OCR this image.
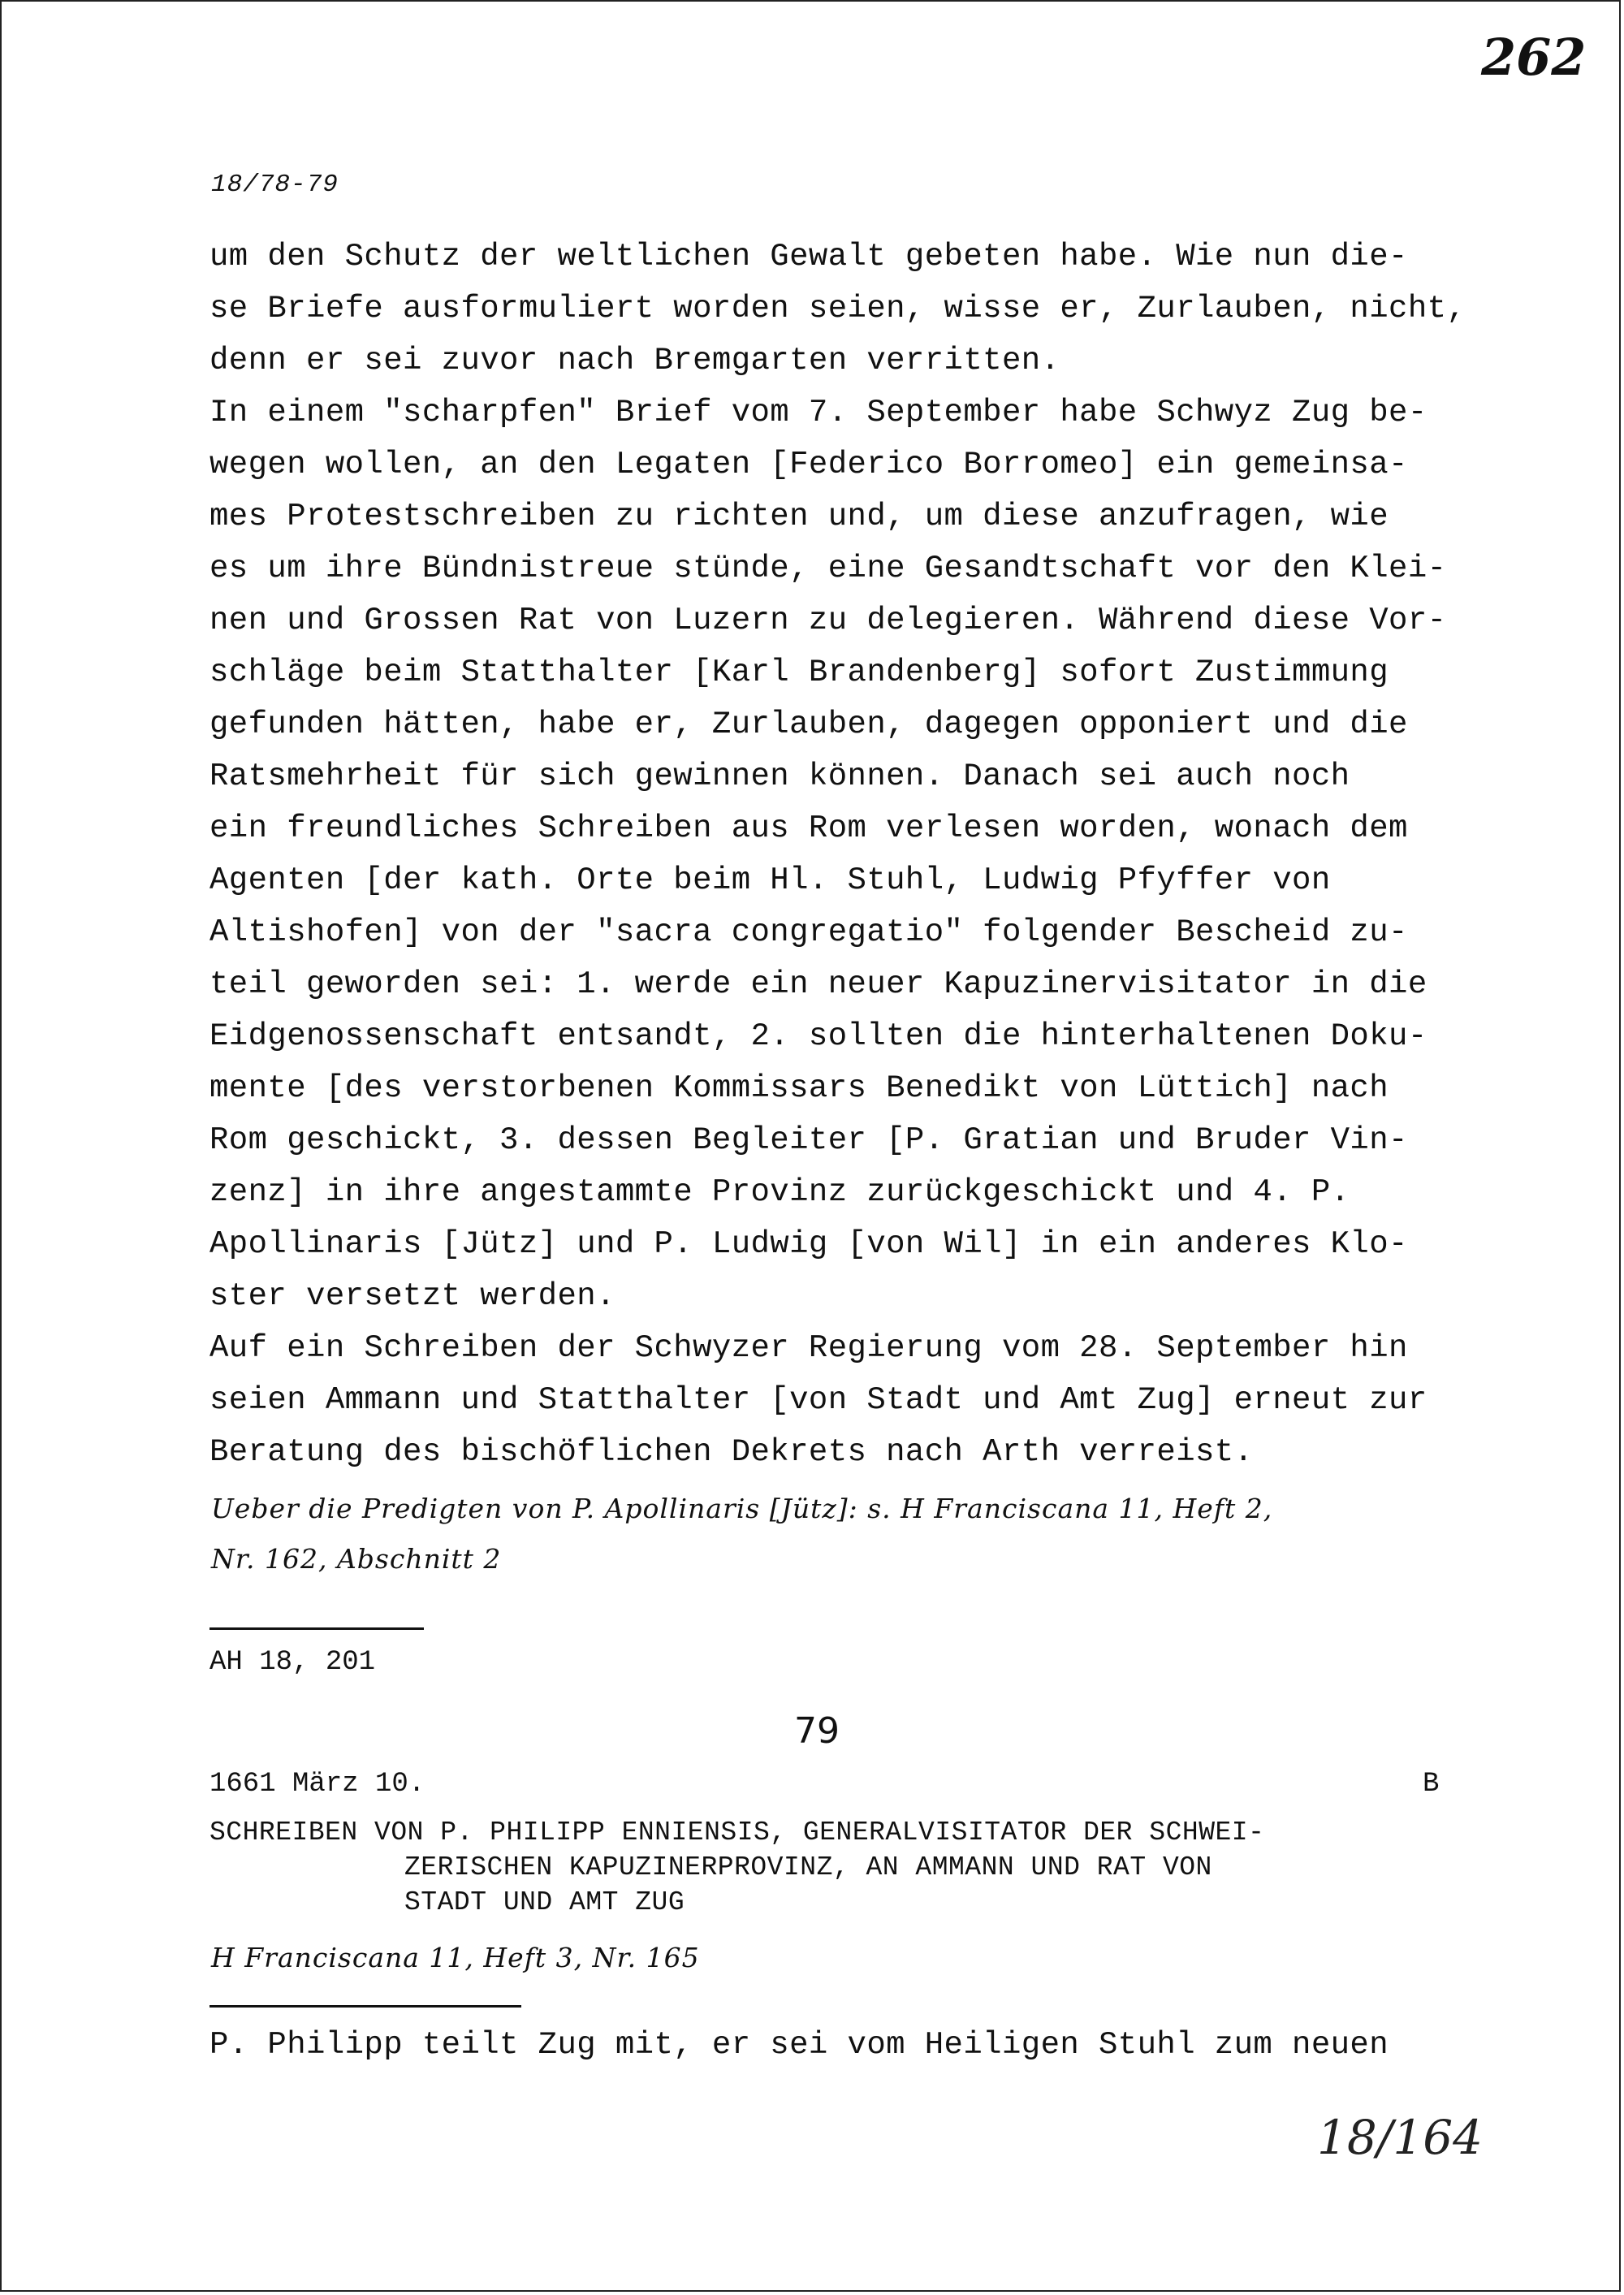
262
18/78-79
um den Schutz der weltlichen Gewalt gebeten habe. Wie nun die-
se Briefe ausformuliert worden seien, wisse er, Zurlauben, nicht,
denn er sei zuvor nach Bremgarten verritten.
In einem "scharpfen" Brief vom 7. September habe Schwyz Zug be-
wegen wollen, an den Legaten [Federico Borromeo] ein gemeinsa-
mes Protestschreiben zu richten und, um diese anzufragen, wie
es um ihre Bündnistreue stünde, eine Gesandtschaft vor den Klei-
nen und Grossen Rat von Luzern zu delegieren. Während diese Vor-
schläge beim Statthalter [Karl Brandenberg] sofort Zustimmung
gefunden hätten, habe er, Zurlauben, dagegen opponiert und die
Ratsmehrheit für sich gewinnen können. Danach sei auch noch
ein freundliches Schreiben aus Rom verlesen worden, wonach dem
Agenten [der kath. Orte beim Hl. Stuhl, Ludwig Pfyffer von
Altishofen] von der "sacra congregatio" folgender Bescheid zu-
teil geworden sei: 1. werde ein neuer Kapuzinervisitator in die
Eidgenossenschaft entsandt, 2. sollten die hinterhaltenen Doku-
mente [des verstorbenen Kommissars Benedikt von Lüttich] nach
Rom geschickt, 3. dessen Begleiter [P. Gratian und Bruder Vin-
zenz] in ihre angestammte Provinz zurückgeschickt und 4. P.
Apollinaris [Jütz] und P. Ludwig [von Wil] in ein anderes Klo-
ster versetzt werden.
Auf ein Schreiben der Schwyzer Regierung vom 28. September hin
seien Ammann und Statthalter [von Stadt und Amt Zug] erneut zur
Beratung des bischöflichen Dekrets nach Arth verreist.
Ueber die Predigten von P. Apollinaris [Jütz]: s. H Franciscana 11, Heft 2,
Nr. 162, Abschnitt 2
AH 18, 201
79
1661 März 10.	B
SCHREIBEN VON P. PHILIPP ENNIENSIS, GENERALVISITATOR DER SCHWEI-
ZERISCHEN KAPUZINERPROVINZ, AN AMMANN UND RAT VON
STADT UND AMT ZUG
H Franciscana 11, Heft 3, Nr. 165
P. Philipp teilt Zug mit, er sei vom Heiligen Stuhl zum neuen
18/164
